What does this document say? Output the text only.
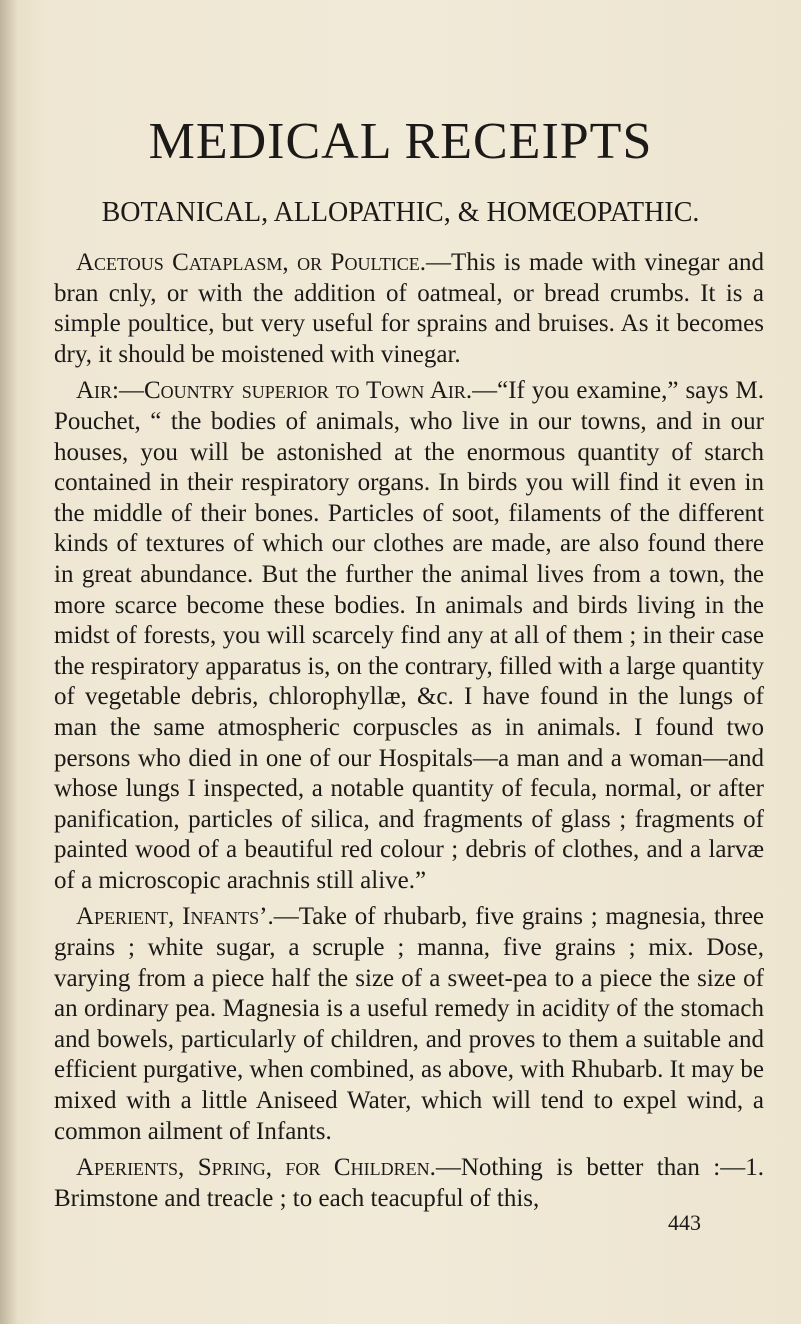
MEDICAL RECEIPTS
BOTANICAL, ALLOPATHIC, & HOMŒOPATHIC.

Acetous Cataplasm, or Poultice.—This is made with vinegar and bran cnly, or with the addition of oatmeal, or bread crumbs. It is a simple poultice, but very useful for sprains and bruises. As it becomes dry, it should be moistened with vinegar.

Air:—Country superior to Town Air.—“If you examine,” says M. Pouchet, “ the bodies of animals, who live in our towns, and in our houses, you will be astonished at the enormous quantity of starch contained in their respiratory organs. In birds you will find it even in the middle of their bones. Particles of soot, filaments of the different kinds of textures of which our clothes are made, are also found there in great abundance. But the further the animal lives from a town, the more scarce become these bodies. In animals and birds living in the midst of forests, you will scarcely find any at all of them ; in their case the respiratory apparatus is, on the contrary, filled with a large quantity of vegetable debris, chlorophyllæ, &c. I have found in the lungs of man the same atmospheric corpuscles as in animals. I found two persons who died in one of our Hospitals—a man and a woman—and whose lungs I inspected, a notable quantity of fecula, normal, or after panification, particles of silica, and fragments of glass ; fragments of painted wood of a beautiful red colour ; debris of clothes, and a larvæ of a microscopic arachnis still alive.”

Aperient, Infants’.—Take of rhubarb, five grains ; magnesia, three grains ; white sugar, a scruple ; manna, five grains ; mix. Dose, varying from a piece half the size of a sweet-pea to a piece the size of an ordinary pea. Magnesia is a useful remedy in acidity of the stomach and bowels, particularly of children, and proves to them a suitable and efficient purgative, when combined, as above, with Rhubarb. It may be mixed with a little Aniseed Water, which will tend to expel wind, a common ailment of Infants.

Aperients, Spring, for Children.—Nothing is better than :—1. Brimstone and treacle ; to each teacupful of this,

443
